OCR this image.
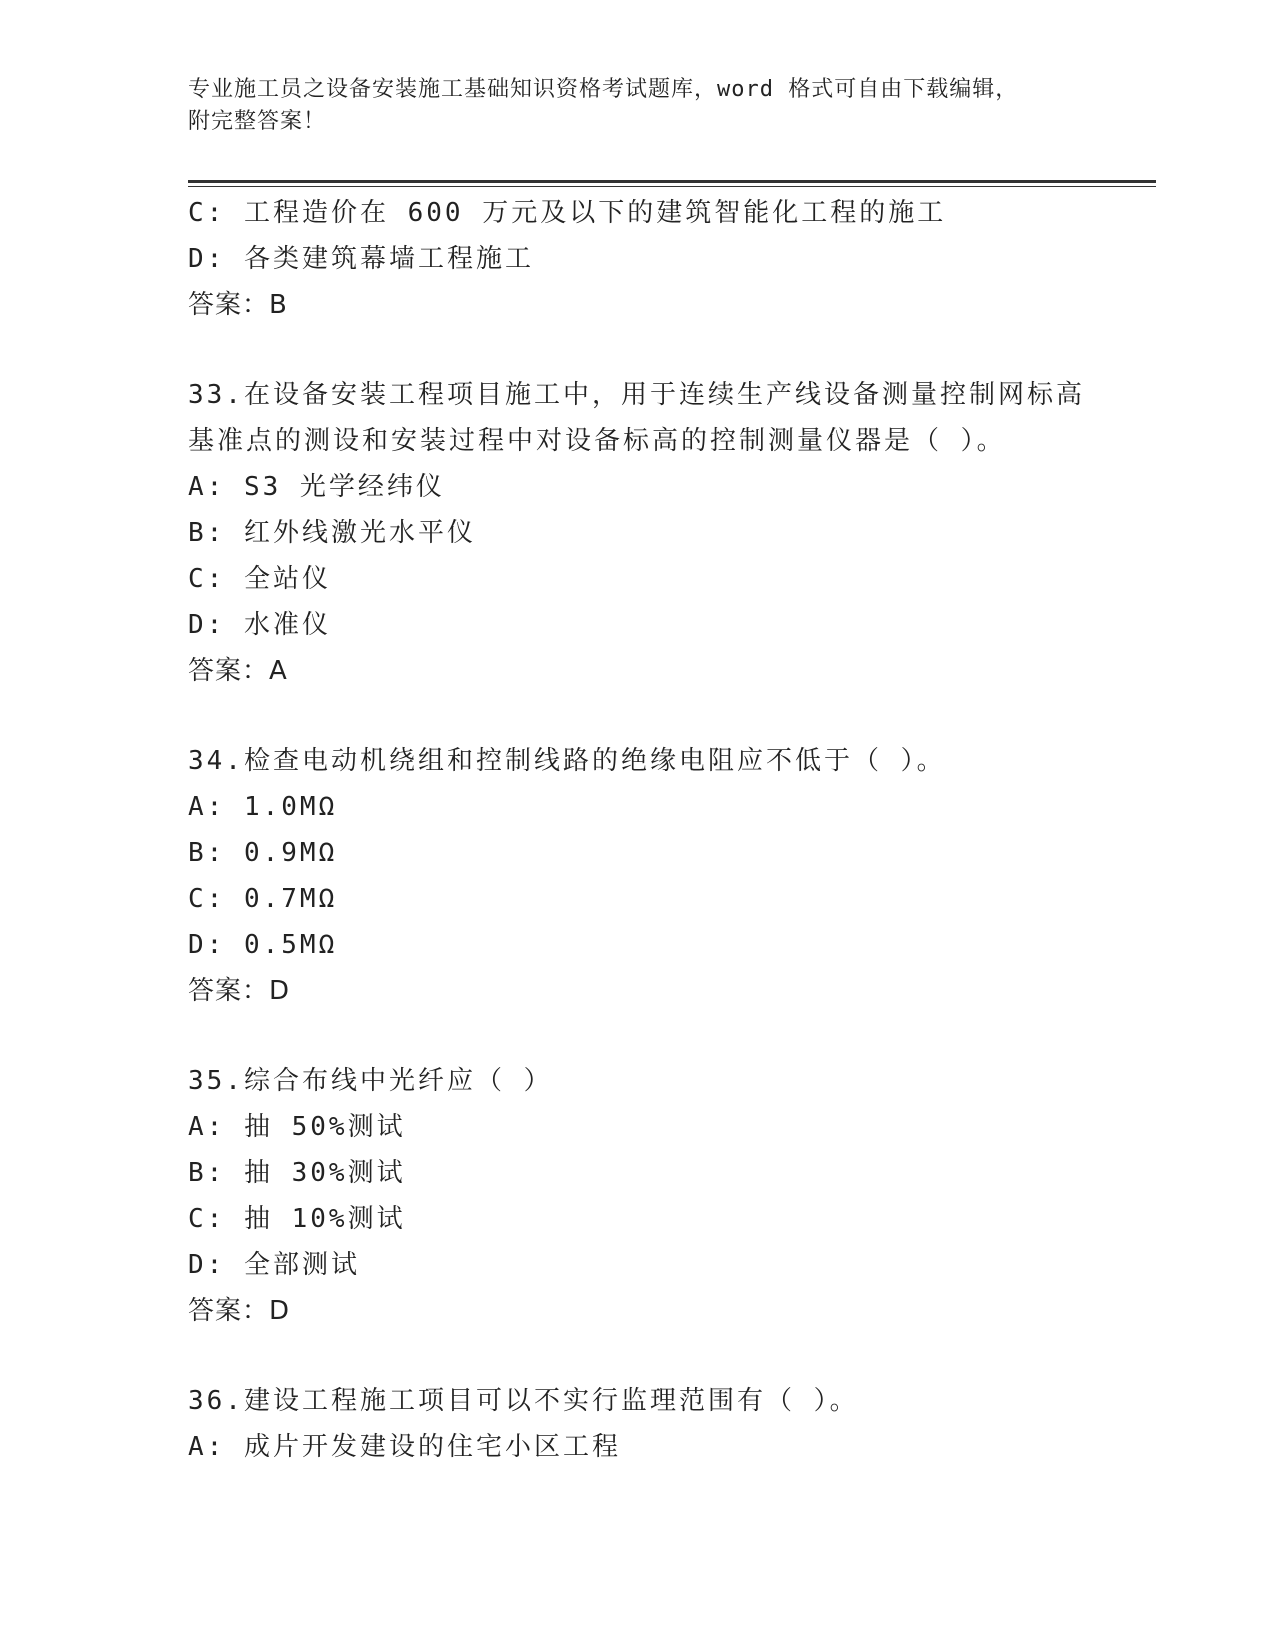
专业施工员之设备安装施工基础知识资格考试题库，word 格式可自由下载编辑，
附完整答案！
C: 工程造价在 600 万元及以下的建筑智能化工程的施工
D: 各类建筑幕墙工程施工
答案：B
33.在设备安装工程项目施工中，用于连续生产线设备测量控制网标高
基准点的测设和安装过程中对设备标高的控制测量仪器是（ ）。
A: S3 光学经纬仪
B: 红外线激光水平仪
C: 全站仪
D: 水准仪
答案：A
34.检查电动机绕组和控制线路的绝缘电阻应不低于（ ）。
A: 1.0MΩ
B: 0.9MΩ
C: 0.7MΩ
D: 0.5MΩ
答案：D
35.综合布线中光纤应（ ）
A: 抽 50%测试
B: 抽 30%测试
C: 抽 10%测试
D: 全部测试
答案：D
36.建设工程施工项目可以不实行监理范围有（ ）。
A: 成片开发建设的住宅小区工程
